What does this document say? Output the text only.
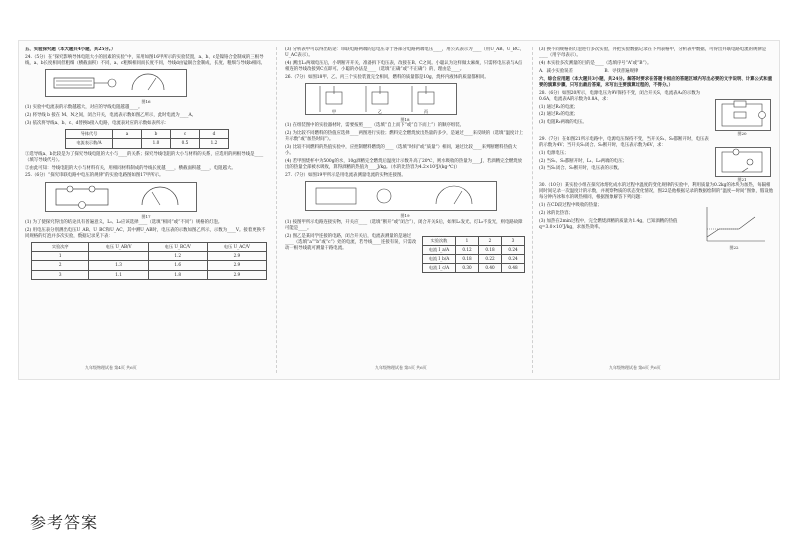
五、实验探究题（本大题共4小题，共25分。）

24.（5分）在“探究影响导体电阻大小的因素的实验”中，采用如图16甲所示的实验装置，a、b、c是镍铬合金制成的三根导线，a、b长度相同但粗细（横截面积）不同，a、c粗细相同而长度不同，导线d由锰铜合金制成，长度、粗细与导线b相同。

图16

(1) 实验中电流表的示数越越大，对应的导线电阻越越____。

(2) 将导线 b 接在 M、N之间，闭合开关，电流表示数如图乙所示，此时电流为____A。

(3) 依次将导线a、b、c、d替换b接入电路，电流表对应的示数如表所示：

导体代号	a	b	c	d
电流表示数/A		1.0	0.5	1.2

①选导线a、b比较是为了探究导线电阻的大小与____的关系；探究导线电阻的大小与材料的关系，应选用的两根导线是____（填写导线代号）。

②由此可知：导线电阻的大小与材料有关，用相同材料制成的导线长度越____，横截面积越____，电阻越大。

25.（6分）“探究串联电路中电压的规律”的实验电路图如图17甲所示。

图17

(1) 为了使探究得出的结论具有普遍意义，L₁、L₂应该选择____（选填“相同”或“不同”）规格的灯泡。

(2) 用电压表分别测出电压U_AB、U_BC和U_AC，其中测U_AB时，电压表的示数如图乙所示，示数为____V。接着更换不同规格的灯泡并多次实验，数据记录见下表：

实验次序	电压 U_AB/V	电压 U_BC/V	电压 U_AC/V
1		1.2	2.9
2	1.3	1.6	2.9
3	1.1	1.8	2.9
九年级物理试卷 第4页 共6页

(3) 分析表中可以得出结论：串联电路两端的总电压等于各部分电路两端电压____，用公式表示为____（用U_AB、U_BC、U_AC表示）。

(4) 测出L₁两端电压后，小明断开开关，准备拆下电压表，改接在B、C之间。小聪认为这样做太麻烦，只需将电压表与A点相连的导线改接到C点即可。小聪的办法是____（选填“正确”或“不正确”）的，理由是____。

26.（7分）如图18甲、乙、丙三个实验装置完全相同，燃料的质量都是10g，烧杯内液体的质量都相同。

甲	乙	丙
图18

(1) 在组装图中的实验器材时，需要按照____（选填“自上而下”或“自下而上”）的顺序组装。

(2) 为比较不同燃料的热值应选择____两图进行实验；燃料完全燃烧放出热量的多少，是通过____来反映的（选填“温度计上升示数”或“加热时间”）。

(3) 比较不同燃料的热值实验中，应控制燃料燃烧的____（选填“时间”或“质量”）相同，通过比较____来判断燃料热值大小。

(4) 若甲图烧杯中为500g的水，10g酒精完全燃烧后温度计示数升高了20℃，则水吸收的热量为____J，若酒精完全燃烧放出的热量全部被水吸收，算得酒精的热值为____J/kg。（水的比热容为4.2×10³J/(kg·℃)）

27.（7分）如图19甲所示是用电流表测量电流的实物连接图。

图19

(1) 按图甲所示电路连接实物，开关应____（选填“断开”或“闭合”），闭合开关S后，如果L₁发光、灯L₂不发光，则电路故障可能是____。

(2) 图乙是某同学连接的电路，闭合开关后，电流表测量的是通过____（选填“a”“b”或“c”）处的电流，若导线____连接有误，只需改动一根导线就可测量干路电流。

实验次数	1	2	3
电流 I_a/A	0.12	0.18	0.24
电流 I_b/A	0.18	0.22	0.24
电流 I_c/A	0.30	0.40	0.48
九年级物理试卷 第5页 共6页

(3) 换不同规格的灯泡进行多次实验，并把实验数据记录在下列表格中，分析表中数据，可得出并联电路电流的规律是____（用字母表示）。

(4) 本实验多次测量的目的是____（选填序号“A”或“B”）。

A．减小实验误差	B．寻找普遍规律

六、综合应用题（本大题共3小题，共24分。解答时要求在答题卡相应的答题区域内写出必要的文字说明、计算公式和重要的演算步骤，只写出最后答案，未写出主要演算过程的，不得分。）

28.（6分）如图20所示，电源电压为9V保持不变，闭合开关S，电流表A₁的示数为0.6A，电流表A的示数为0.8A，求：

(1) 通过R₁的电流；

(2) 通过R₂的电流；

(3) 电阻R₂两端的电压。

图20

29.（7分）在如图21所示电路中，电源电压保持不变，当开关S₁、S₂都断开时，电压表的示数为4V；当开关S₁闭合、S₂断开时，电压表示数为6V，求：

(1) 电源电压；

(2) 当S₁、S₂都断开时，L₁、L₂两端的电压；

(3) 当S₁闭合、S₂断开时，电压表的示数。

图21

30.（10分）某实验小组在探究冰熔化成水的过程中温度的变化规律的实验中，利用质量为0.2kg的冰块为加热，每隔相同时间记录一次温度计的示数，并观察物质的状态变化情况，图22是他根据记录的数据绘制的“温度—时间”图象，假设他每分钟内冰和水的吸热相同，根据图象解答下列问题：

(1) 在CD段过程中吸收的热量；

(2) 冰的比热容；

(3) 加热在2min过程中，完全燃烧酒精的质量为1.4g，已知酒精的热值q=3.0×10⁷J/kg，求加热效率。

图22
九年级物理试卷 第6页 共6页
参考答案
